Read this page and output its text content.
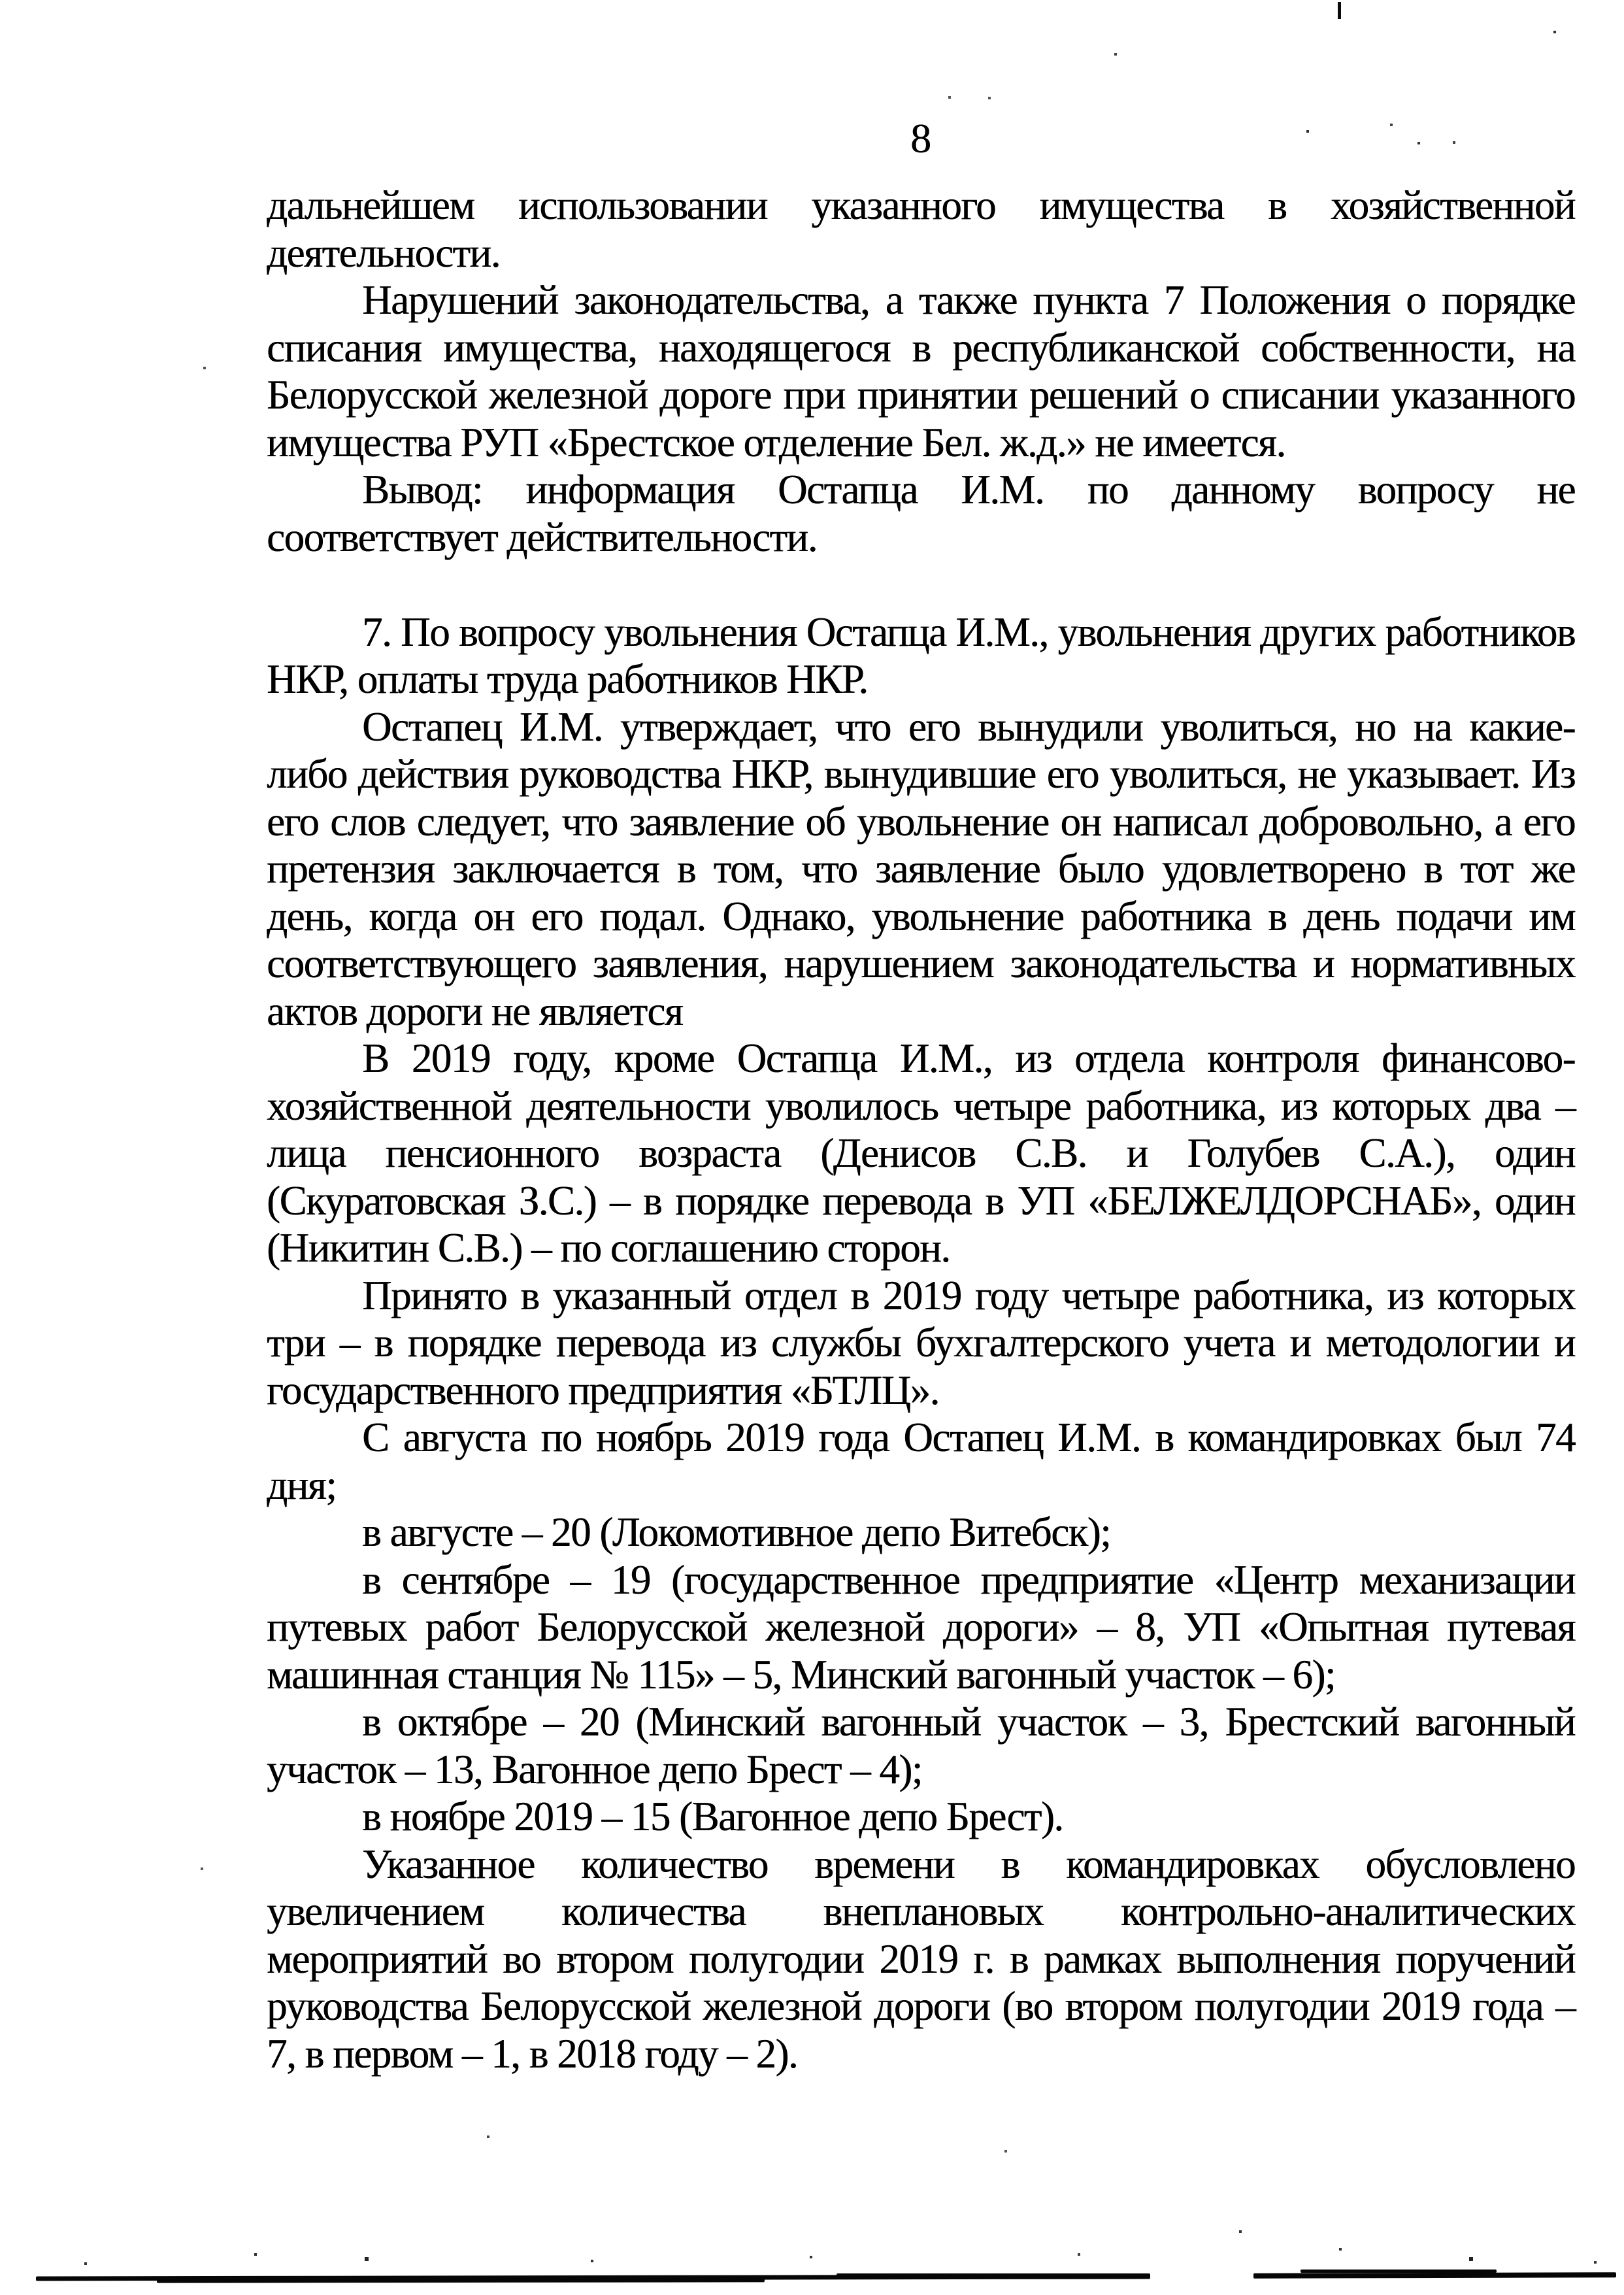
8

дальнейшем использовании указанного имущества в хозяйственной деятельности.

Нарушений законодательства, а также пункта 7 Положения о порядке списания имущества, находящегося в республиканской собственности, на Белорусской железной дороге при принятии решений о списании указанного имущества РУП «Брестское отделение Бел. ж.д.» не имеется.

Вывод: информация Остапца И.М. по данному вопросу не соответствует действительности.

7. По вопросу увольнения Остапца И.М., увольнения других работников НКР, оплаты труда работников НКР.

Остапец И.М. утверждает, что его вынудили уволиться, но на какие-либо действия руководства НКР, вынудившие его уволиться, не указывает. Из его слов следует, что заявление об увольнение он написал добровольно, а его претензия заключается в том, что заявление было удовлетворено в тот же день, когда он его подал. Однако, увольнение работника в день подачи им соответствующего заявления, нарушением законодательства и нормативных актов дороги не является

В 2019 году, кроме Остапца И.М., из отдела контроля финансово-хозяйственной деятельности уволилось четыре работника, из которых два – лица пенсионного возраста (Денисов С.В. и Голубев С.А.), один (Скуратовская З.С.) – в порядке перевода в УП «БЕЛЖЕЛДОРСНАБ», один (Никитин С.В.) – по соглашению сторон.

Принято в указанный отдел в 2019 году четыре работника, из которых три – в порядке перевода из службы бухгалтерского учета и методологии и государственного предприятия «БТЛЦ».

С августа по ноябрь 2019 года Остапец И.М. в командировках был 74 дня;

в августе – 20 (Локомотивное депо Витебск);

в сентябре – 19 (государственное предприятие «Центр механизации путевых работ Белорусской железной дороги» – 8, УП «Опытная путевая машинная станция № 115» – 5, Минский вагонный участок – 6);

в октябре – 20 (Минский вагонный участок – 3, Брестский вагонный участок – 13, Вагонное депо Брест – 4);

в ноябре 2019 – 15 (Вагонное депо Брест).

Указанное количество времени в командировках обусловлено увеличением количества внеплановых контрольно-аналитических мероприятий во втором полугодии 2019 г. в рамках выполнения поручений руководства Белорусской железной дороги (во втором полугодии 2019 года – 7, в первом – 1, в 2018 году – 2).
